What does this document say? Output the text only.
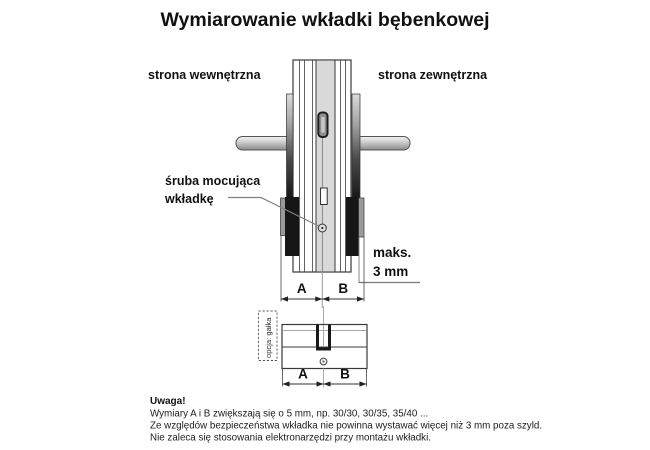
Wymiarowanie wkładki bębenkowej
strona wewnętrzna	strona zewnętrzna
śruba mocująca
wkładkę
maks.
3 mm
A B
opcja: gałka
A B
Uwaga!
Wymiary A i B zwiększają się o 5 mm, np. 30/30, 30/35, 35/40 ...
Ze względów bezpieczeństwa wkładka nie powinna wystawać więcej niż 3 mm poza szyld.
Nie zaleca się stosowania elektronarzędzi przy montażu wkładki.
